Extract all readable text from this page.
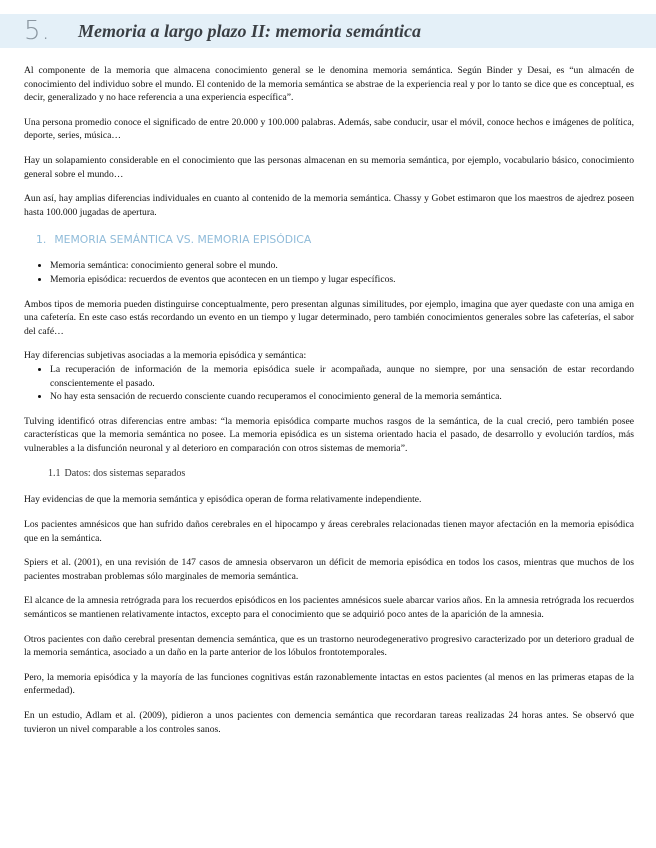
5. Memoria a largo plazo II: memoria semántica

Al componente de la memoria que almacena conocimiento general se le denomina memoria semántica. Según Binder y Desai, es “un almacén de conocimiento del individuo sobre el mundo. El contenido de la memoria semántica se abstrae de la experiencia real y por lo tanto se dice que es conceptual, es decir, generalizado y no hace referencia a una experiencia específica”.

Una persona promedio conoce el significado de entre 20.000 y 100.000 palabras. Además, sabe conducir, usar el móvil, conoce hechos e imágenes de política, deporte, series, música…

Hay un solapamiento considerable en el conocimiento que las personas almacenan en su memoria semántica, por ejemplo, vocabulario básico, conocimiento general sobre el mundo…

Aun así, hay amplias diferencias individuales en cuanto al contenido de la memoria semántica. Chassy y Gobet estimaron que los maestros de ajedrez poseen hasta 100.000 jugadas de apertura.

1. MEMORIA SEMÁNTICA VS. MEMORIA EPISÓDICA
• Memoria semántica: conocimiento general sobre el mundo.
• Memoria episódica: recuerdos de eventos que acontecen en un tiempo y lugar específicos.

Ambos tipos de memoria pueden distinguirse conceptualmente, pero presentan algunas similitudes, por ejemplo, imagina que ayer quedaste con una amiga en una cafetería. En este caso estás recordando un evento en un tiempo y lugar determinado, pero también conocimientos generales sobre las cafeterías, el sabor del café…

Hay diferencias subjetivas asociadas a la memoria episódica y semántica:

• La recuperación de información de la memoria episódica suele ir acompañada, aunque no siempre, por una sensación de estar recordando conscientemente el pasado.
• No hay esta sensación de recuerdo consciente cuando recuperamos el conocimiento general de la memoria semántica.

Tulving identificó otras diferencias entre ambas: “la memoria episódica comparte muchos rasgos de la semántica, de la cual creció, pero también posee características que la memoria semántica no posee. La memoria episódica es un sistema orientado hacia el pasado, de desarrollo y evolución tardíos, más vulnerables a la disfunción neuronal y al deterioro en comparación con otros sistemas de memoria”.

1.1 Datos: dos sistemas separados

Hay evidencias de que la memoria semántica y episódica operan de forma relativamente independiente.

Los pacientes amnésicos que han sufrido daños cerebrales en el hipocampo y áreas cerebrales relacionadas tienen mayor afectación en la memoria episódica que en la semántica.

Spiers et al. (2001), en una revisión de 147 casos de amnesia observaron un déficit de memoria episódica en todos los casos, mientras que muchos de los pacientes mostraban problemas sólo marginales de memoria semántica.

El alcance de la amnesia retrógrada para los recuerdos episódicos en los pacientes amnésicos suele abarcar varios años. En la amnesia retrógrada los recuerdos semánticos se mantienen relativamente intactos, excepto para el conocimiento que se adquirió poco antes de la aparición de la amnesia.

Otros pacientes con daño cerebral presentan demencia semántica, que es un trastorno neurodegenerativo progresivo caracterizado por un deterioro gradual de la memoria semántica, asociado a un daño en la parte anterior de los lóbulos frontotemporales.

Pero, la memoria episódica y la mayoría de las funciones cognitivas están razonablemente intactas en estos pacientes (al menos en las primeras etapas de la enfermedad).

En un estudio, Adlam et al. (2009), pidieron a unos pacientes con demencia semántica que recordaran tareas realizadas 24 horas antes. Se observó que tuvieron un nivel comparable a los controles sanos.
